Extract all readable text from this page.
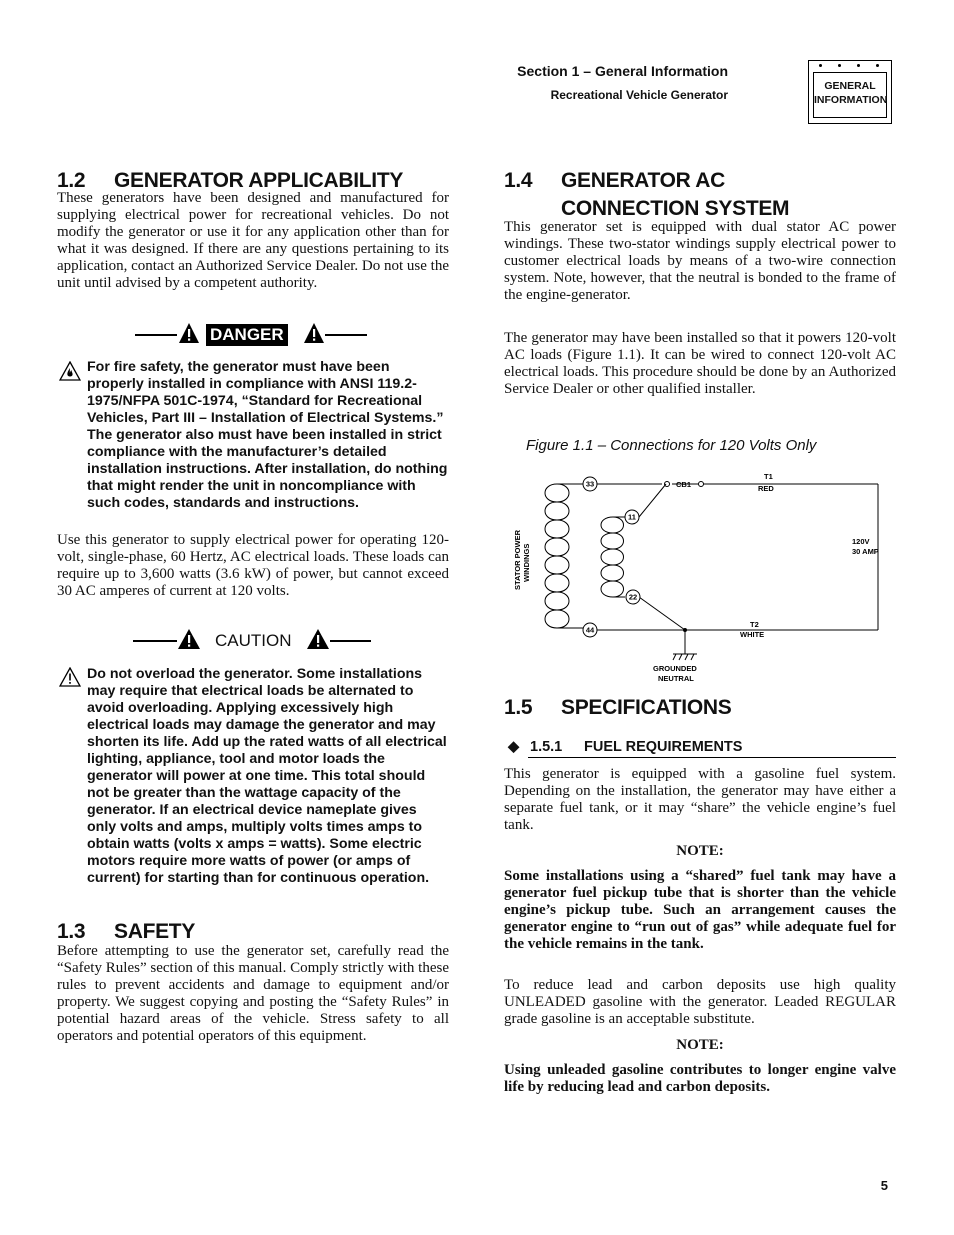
Section 1 – General Information
Recreational Vehicle Generator
GENERAL
INFORMATION
1.2 GENERATOR APPLICABILITY
These generators have been designed and manufactured for supplying electrical power for recreational vehicles. Do not modify the generator or use it for any application other than for what it was designed. If there are any questions pertaining to its application, contact an Authorized Service Dealer. Do not use the unit until advised by a competent authority.
DANGER
For fire safety, the generator must have been properly installed in compliance with ANSI 119.2-1975/NFPA 501C-1974, “Standard for Recreational Vehicles, Part III – Installation of Electrical Systems.” The generator also must have been installed in strict compliance with the manufacturer’s detailed installation instructions. After installation, do nothing that might render the unit in noncompliance with such codes, standards and instructions.
Use this generator to supply electrical power for operating 120-volt, single-phase, 60 Hertz, AC electrical loads. These loads can require up to 3,600 watts (3.6 kW) of power, but cannot exceed 30 AC amperes of current at 120 volts.
CAUTION
Do not overload the generator. Some installations may require that electrical loads be alternated to avoid overloading. Applying excessively high electrical loads may damage the generator and may shorten its life. Add up the rated watts of all electrical lighting, appliance, tool and motor loads the generator will power at one time. This total should not be greater than the wattage capacity of the generator. If an electrical device nameplate gives only volts and amps, multiply volts times amps to obtain watts (volts x amps = watts). Some electric motors require more watts of power (or amps of current) for starting than for continuous operation.
1.3 SAFETY
Before attempting to use the generator set, carefully read the “Safety Rules” section of this manual. Comply strictly with these rules to prevent accidents and damage to equipment and/or property. We suggest copying and posting the “Safety Rules” in potential hazard areas of the vehicle. Stress safety to all operators and potential operators of this equipment.
1.4 GENERATOR AC
CONNECTION SYSTEM
This generator set is equipped with dual stator AC power windings. These two-stator windings supply electrical power to customer electrical loads by means of a two-wire connection system. Note, however, that the neutral is bonded to the frame of the engine-generator.
The generator may have been installed so that it powers 120-volt AC loads (Figure 1.1). It can be wired to connect 120-volt AC electrical loads. This procedure should be done by an Authorized Service Dealer or other qualified installer.
Figure 1.1 – Connections for 120 Volts Only
33
11
22
44
CB1
T1
RED
T2
WHITE
120V
30 AMP
GROUNDED
NEUTRAL
STATOR POWER WINDINGS
1.5 SPECIFICATIONS
◆ 1.5.1 FUEL REQUIREMENTS
This generator is equipped with a gasoline fuel system. Depending on the installation, the generator may have either a separate fuel tank, or it may “share” the vehicle engine’s fuel tank.
NOTE:
Some installations using a “shared” fuel tank may have a generator fuel pickup tube that is shorter than the vehicle engine’s pickup tube. Such an arrangement causes the generator engine to “run out of gas” while adequate fuel for the vehicle remains in the tank.
To reduce lead and carbon deposits use high quality UNLEADED gasoline with the generator. Leaded REGULAR grade gasoline is an acceptable substitute.
NOTE:
Using unleaded gasoline contributes to longer engine valve life by reducing lead and carbon deposits.
5
